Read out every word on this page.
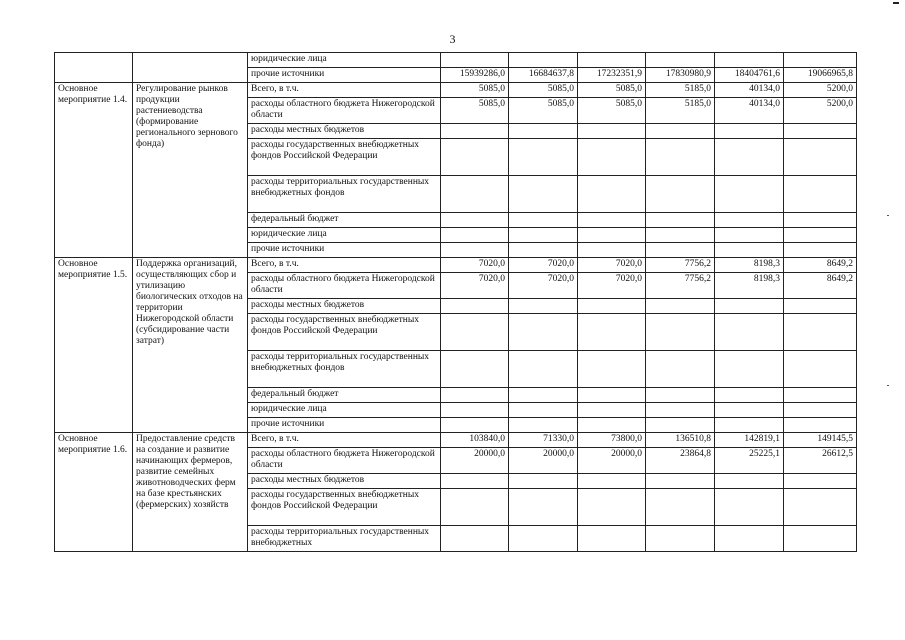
3
		юридические лица						
		прочие источники	15939286,0	16684637,8	17232351,9	17830980,9	18404761,6	19066965,8
Основное мероприятие 1.4.	Регулирование рынков продукции растениеводства (формирование регионального зернового фонда)	Всего, в т.ч.	5085,0	5085,0	5085,0	5185,0	40134,0	5200,0
		расходы областного бюджета Нижегородской области	5085,0	5085,0	5085,0	5185,0	40134,0	5200,0
		расходы местных бюджетов						
		расходы государственных внебюджетных фондов Российской Федерации						
		расходы территориальных государственных внебюджетных фондов						
		федеральный бюджет						
		юридические лица						
		прочие источники						
Основное мероприятие 1.5.	Поддержка организаций, осуществляющих сбор и утилизацию биологических отходов на территории Нижегородской области (субсидирование части затрат)	Всего, в т.ч.	7020,0	7020,0	7020,0	7756,2	8198,3	8649,2
		расходы областного бюджета Нижегородской области	7020,0	7020,0	7020,0	7756,2	8198,3	8649,2
		расходы местных бюджетов						
		расходы государственных внебюджетных фондов Российской Федерации						
		расходы территориальных государственных внебюджетных фондов						
		федеральный бюджет						
		юридические лица						
		прочие источники						
Основное мероприятие 1.6.	Предоставление средств на создание и развитие начинающих фермеров, развитие семейных животноводческих ферм на базе крестьянских (фермерских) хозяйств	Всего, в т.ч.	103840,0	71330,0	73800,0	136510,8	142819,1	149145,5
		расходы областного бюджета Нижегородской области	20000,0	20000,0	20000,0	23864,8	25225,1	26612,5
		расходы местных бюджетов						
		расходы государственных внебюджетных фондов Российской Федерации						
		расходы территориальных государственных внебюджетных						
